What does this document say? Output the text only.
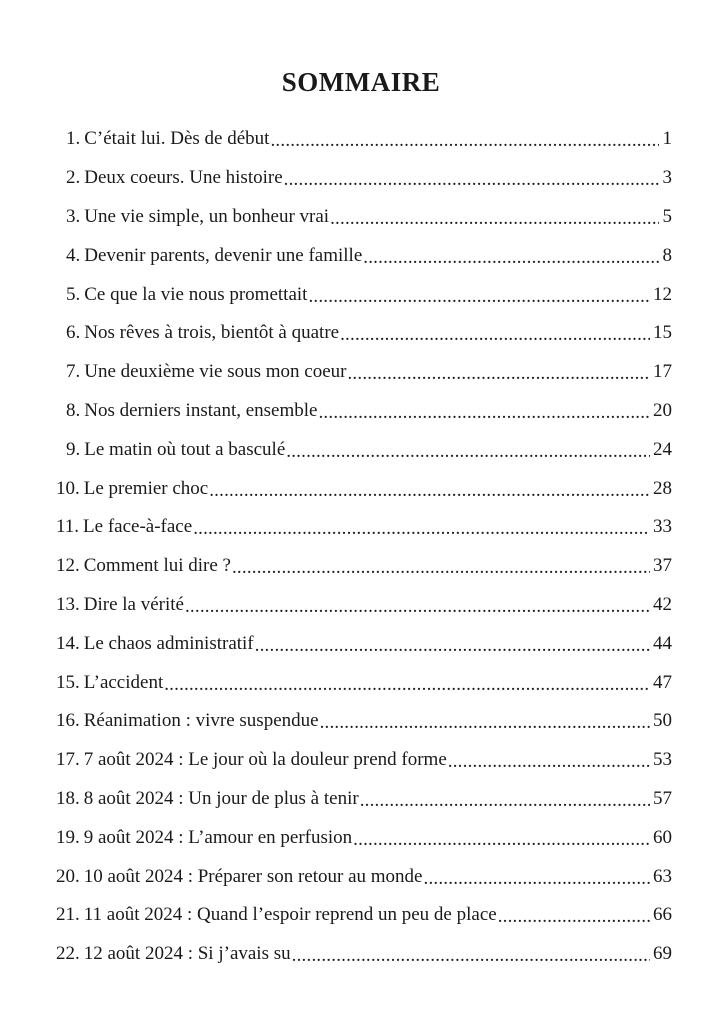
SOMMAIRE
1. C’était lui. Dès de début .....	1
2. Deux coeurs. Une histoire .....	3
3. Une vie simple, un bonheur vrai .....	5
4. Devenir parents, devenir une famille .....	8
5. Ce que la vie nous promettait .....	12
6. Nos rêves à trois, bientôt à quatre .....	15
7. Une deuxième vie sous mon coeur .....	17
8. Nos derniers instant, ensemble .....	20
9. Le matin où tout a basculé .....	24
10. Le premier choc .....	28
11. Le face-à-face .....	33
12. Comment lui dire ? .....	37
13. Dire la vérité .....	42
14. Le chaos administratif .....	44
15. L’accident .....	47
16. Réanimation : vivre suspendue .....	50
17. 7 août 2024 : Le jour où la douleur prend forme .....	53
18. 8 août 2024 : Un jour de plus à tenir .....	57
19. 9 août 2024 : L’amour en perfusion .....	60
20. 10 août 2024 : Préparer son retour au monde .....	63
21. 11 août 2024 : Quand l’espoir reprend un peu de place .....	66
22. 12 août 2024 : Si j’avais su .....	69
